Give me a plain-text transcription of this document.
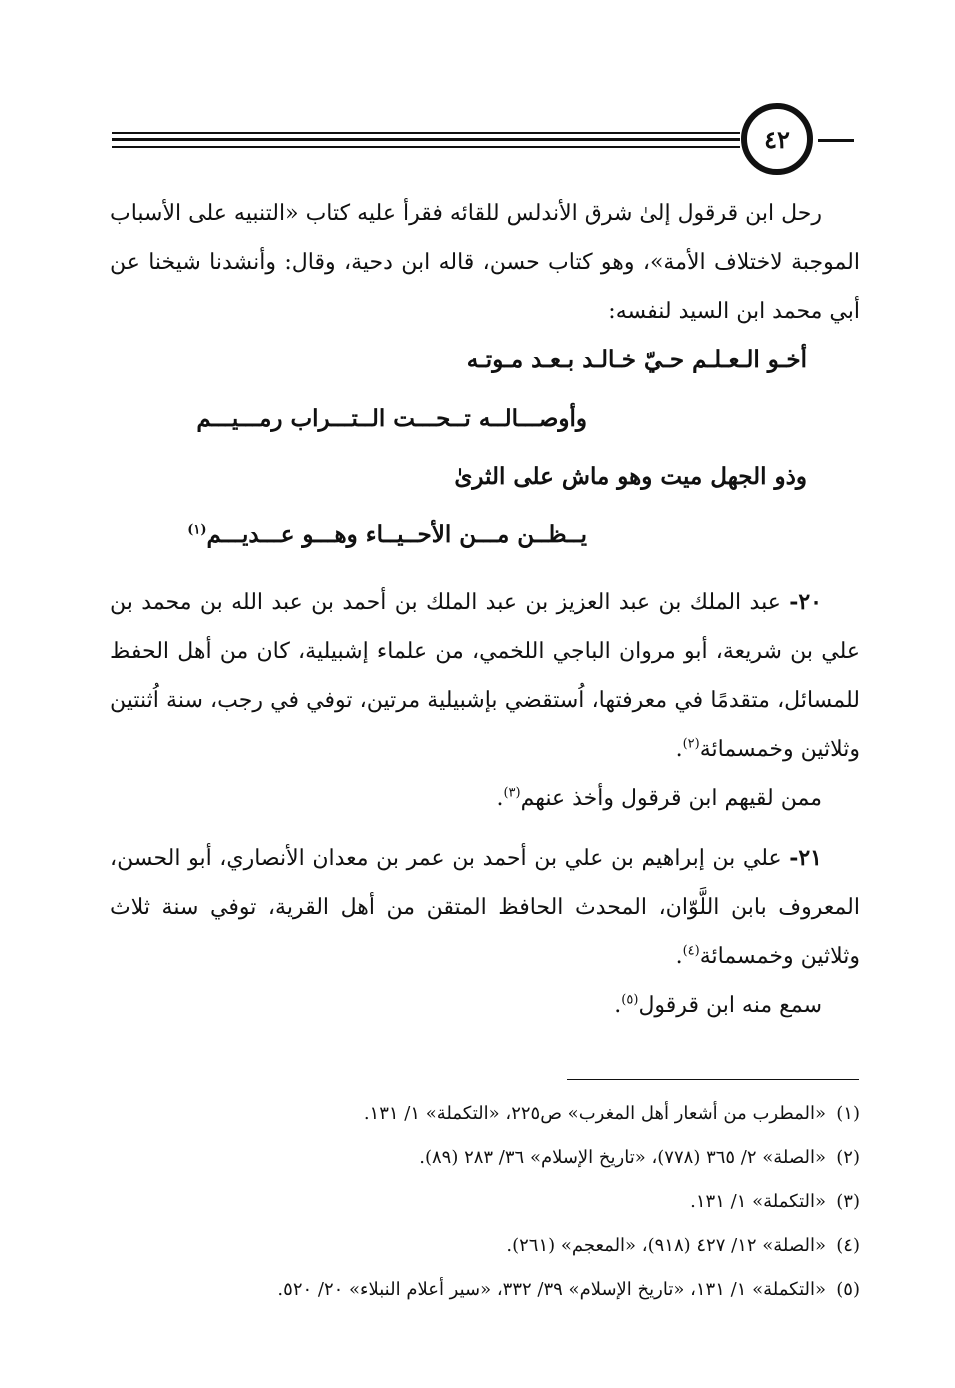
٤٢

رحل ابن قرقول إلىٰ شرق الأندلس للقائه فقرأ عليه كتاب «التنبيه على الأسباب الموجبة لاختلاف الأمة»، وهو كتاب حسن، قاله ابن دحية، وقال: وأنشدنا شيخنا عن أبي محمد ابن السيد لنفسه:

أخـو الـعـلـم حـيّ خـالـد بـعـد مـوتـه
وأوصـــالــه تــحـــت الــتـــراب رمـــيـــم
وذو الجهل ميت وهو ماش على الثرىٰ
يــظــن مـــن الأحــيــاء وهـــو عـــديـــم$^{(١)}$

٢٠- عبد الملك بن عبد العزيز بن عبد الملك بن أحمد بن عبد الله بن محمد بن علي بن شريعة، أبو مروان الباجي اللخمي، من علماء إشبيلية، كان من أهل الحفظ للمسائل، متقدمًا في معرفتها، اُستقضي بإشبيلية مرتين، توفي في رجب، سنة اُثنتين وثلاثين وخمسمائة$^{(٢)}$.

ممن لقيهم ابن قرقول وأخذ عنهم$^{(٣)}$.

٢١- علي بن إبراهيم بن علي بن أحمد بن عمر بن معدان الأنصاري، أبو الحسن، المعروف بابن اللَّوّان، المحدث الحافظ المتقن من أهل القرية، توفي سنة ثلاث وثلاثين وخمسمائة$^{(٤)}$.

سمع منه ابن قرقول$^{(٥)}$.

(١)«المطرب من أشعار أهل المغرب» ص٢٢٥، «التكملة» ١/ ١٣١.
(٢)«الصلة» ٢/ ٣٦٥ (٧٧٨)، «تاريخ الإسلام» ٣٦/ ٢٨٣ (٨٩).
(٣)«التكملة» ١/ ١٣١.
(٤)«الصلة» ١٢/ ٤٢٧ (٩١٨)، «المعجم» (٢٦١).
(٥)«التكملة» ١/ ١٣١، «تاريخ الإسلام» ٣٩/ ٣٣٢، «سير أعلام النبلاء» ٢٠/ ٥٢٠.
